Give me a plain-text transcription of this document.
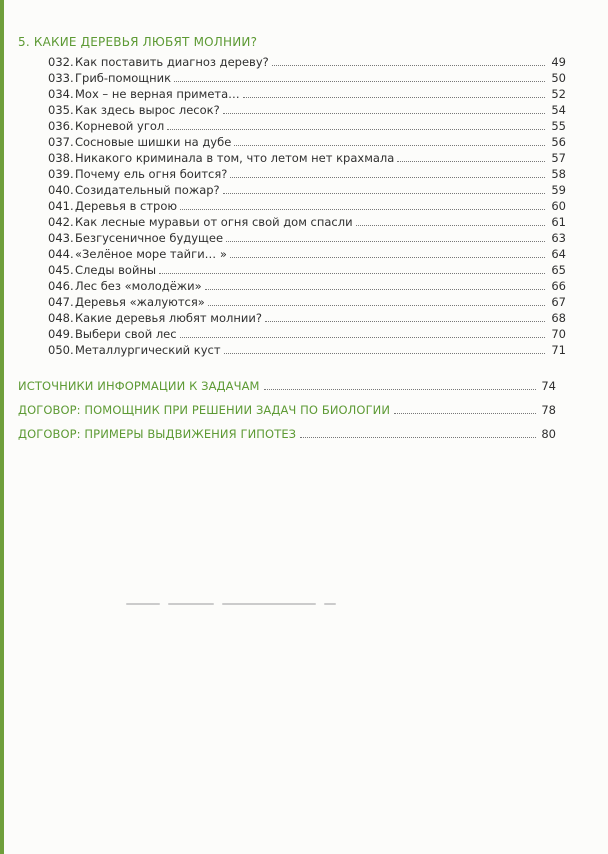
5. КАКИЕ ДЕРЕВЬЯ ЛЮБЯТ МОЛНИИ?
032. Как поставить диагноз дереву?	49
033. Гриб-помощник	50
034. Мох – не верная примета…	52
035. Как здесь вырос лесок?	54
036. Корневой угол	55
037. Сосновые шишки на дубе	56
038. Никакого криминала в том, что летом нет крахмала	57
039. Почему ель огня боится?	58
040. Созидательный пожар?	59
041. Деревья в строю	60
042. Как лесные муравьи от огня свой дом спасли	61
043. Безгусеничное будущее	63
044. «Зелёное море тайги… »	64
045. Следы войны	65
046. Лес без «молодёжи»	66
047. Деревья «жалуются»	67
048. Какие деревья любят молнии?	68
049. Выбери свой лес	70
050. Металлургический куст	71
ИСТОЧНИКИ ИНФОРМАЦИИ К ЗАДАЧАМ	74
ДОГОВОР: ПОМОЩНИК ПРИ РЕШЕНИИ ЗАДАЧ ПО БИОЛОГИИ	78
ДОГОВОР: ПРИМЕРЫ ВЫДВИЖЕНИЯ ГИПОТЕЗ	80
